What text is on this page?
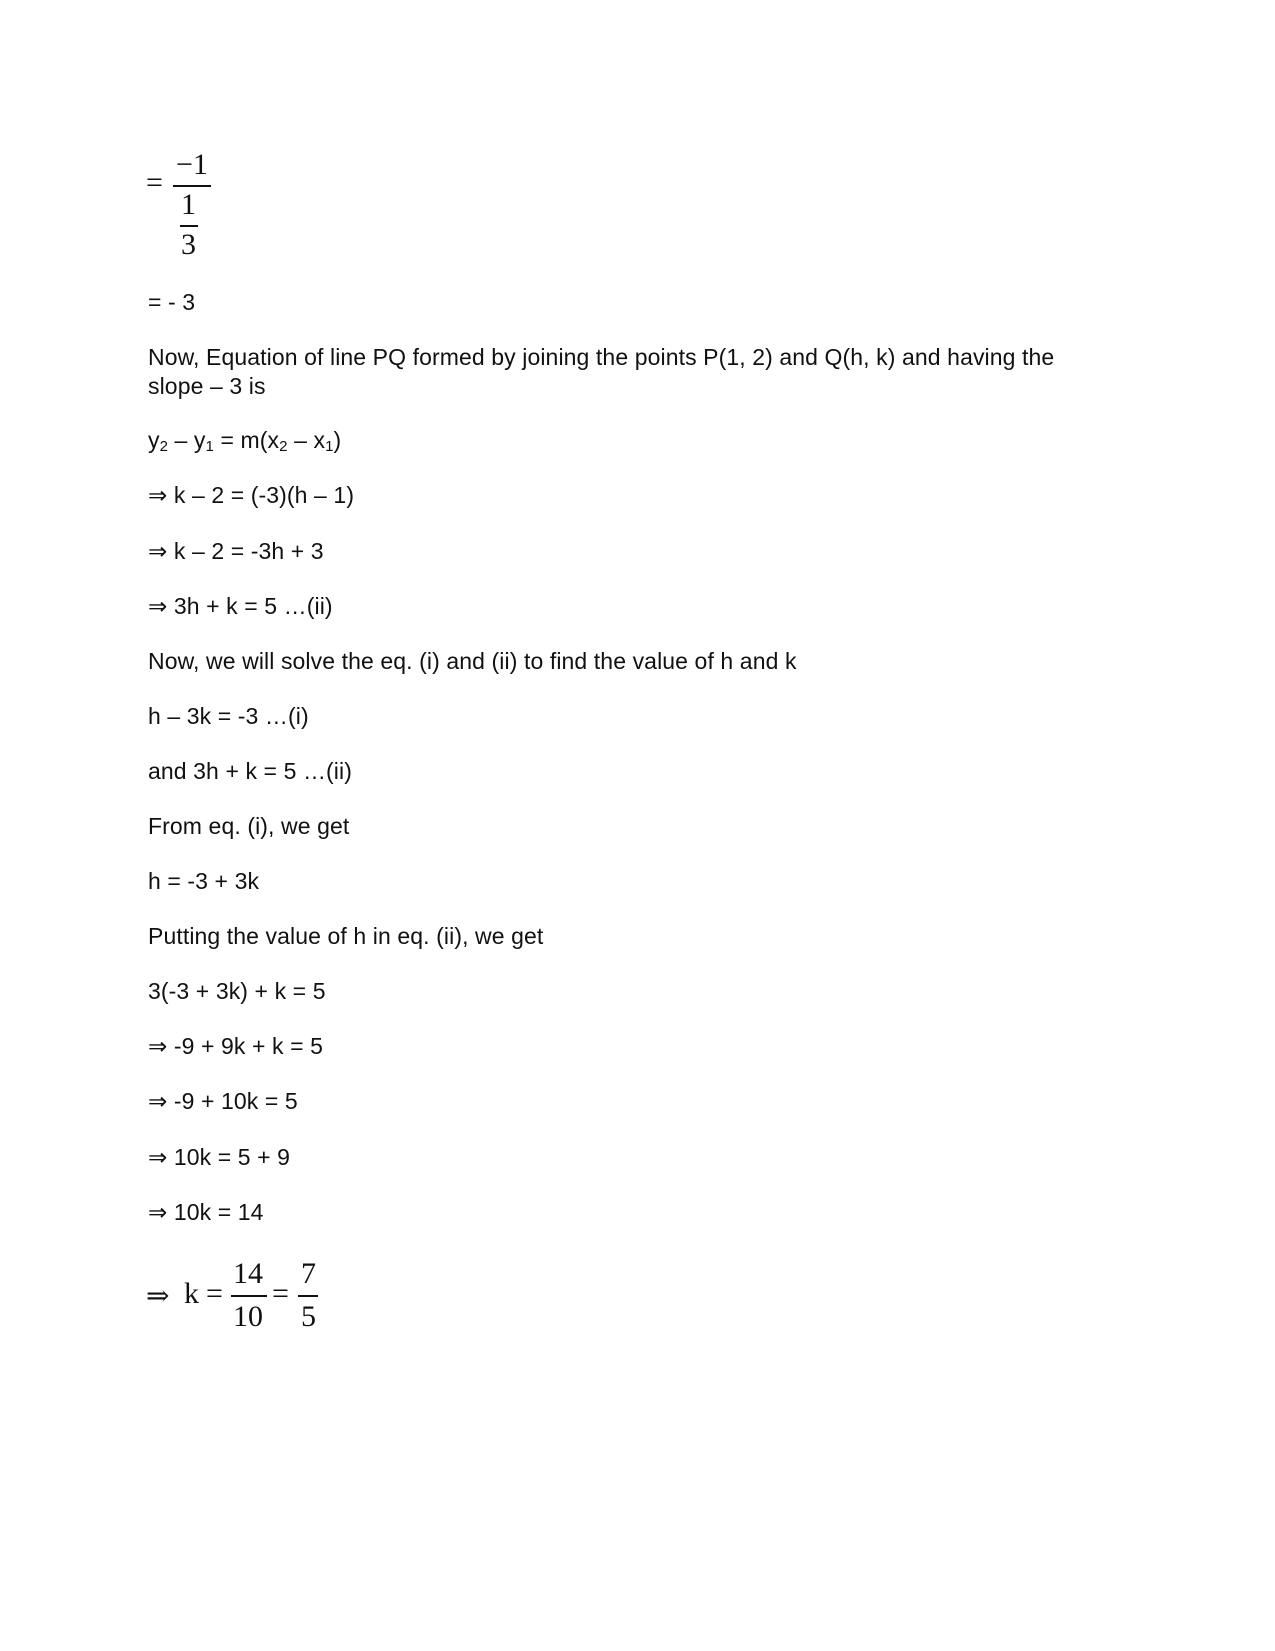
=
−1
1
3
= - 3
Now, Equation of line PQ formed by joining the points P(1, 2) and Q(h, k) and having the slope – 3 is
$y_2 - y_1 = m(x_2 - x_1)$
⇒ k – 2 = (-3)(h – 1)
⇒ k – 2 = -3h + 3
⇒ 3h + k = 5 …(ii)
Now, we will solve the eq. (i) and (ii) to find the value of h and k
h – 3k = -3 …(i)
and 3h + k = 5 …(ii)
From eq. (i), we get
h = -3 + 3k
Putting the value of h in eq. (ii), we get
3(-3 + 3k) + k = 5
⇒ -9 + 9k + k = 5
⇒ -9 + 10k = 5
⇒ 10k = 5 + 9
⇒ 10k = 14
⇒ k =
14
10
=
7
5
